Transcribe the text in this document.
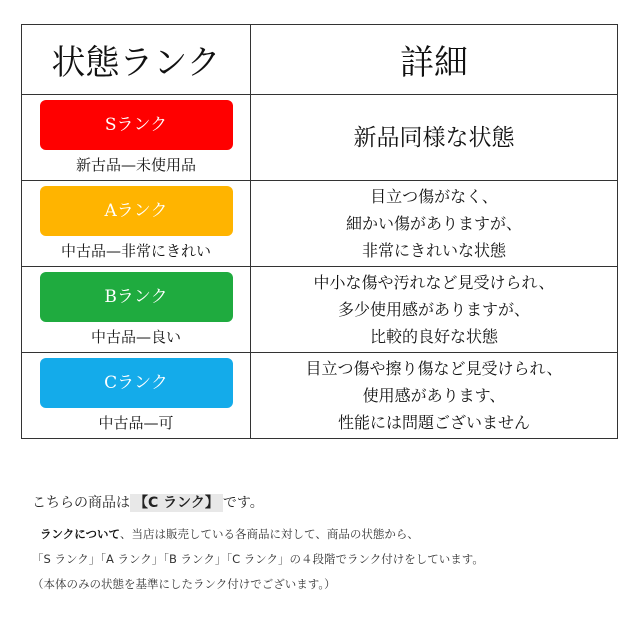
状態ランク	詳細

Sランク
新古品—未使用品	新品同様な状態

Aランク
中古品—非常にきれい	目立つ傷がなく、
細かい傷がありますが、
非常にきれいな状態

Bランク
中古品—良い	中小な傷や汚れなど見受けられ、
多少使用感がありますが、
比較的良好な状態

Cランク
中古品—可	目立つ傷や擦り傷など見受けられ、
使用感があります、
性能には問題ございません
こちらの商品は 【C ランク】 です。
ランクについて、当店は販売している各商品に対して、商品の状態から、
「S ランク」「A ランク」「B ランク」「C ランク」の４段階でランク付けをしています。
（本体のみの状態を基準にしたランク付けでございます。）
